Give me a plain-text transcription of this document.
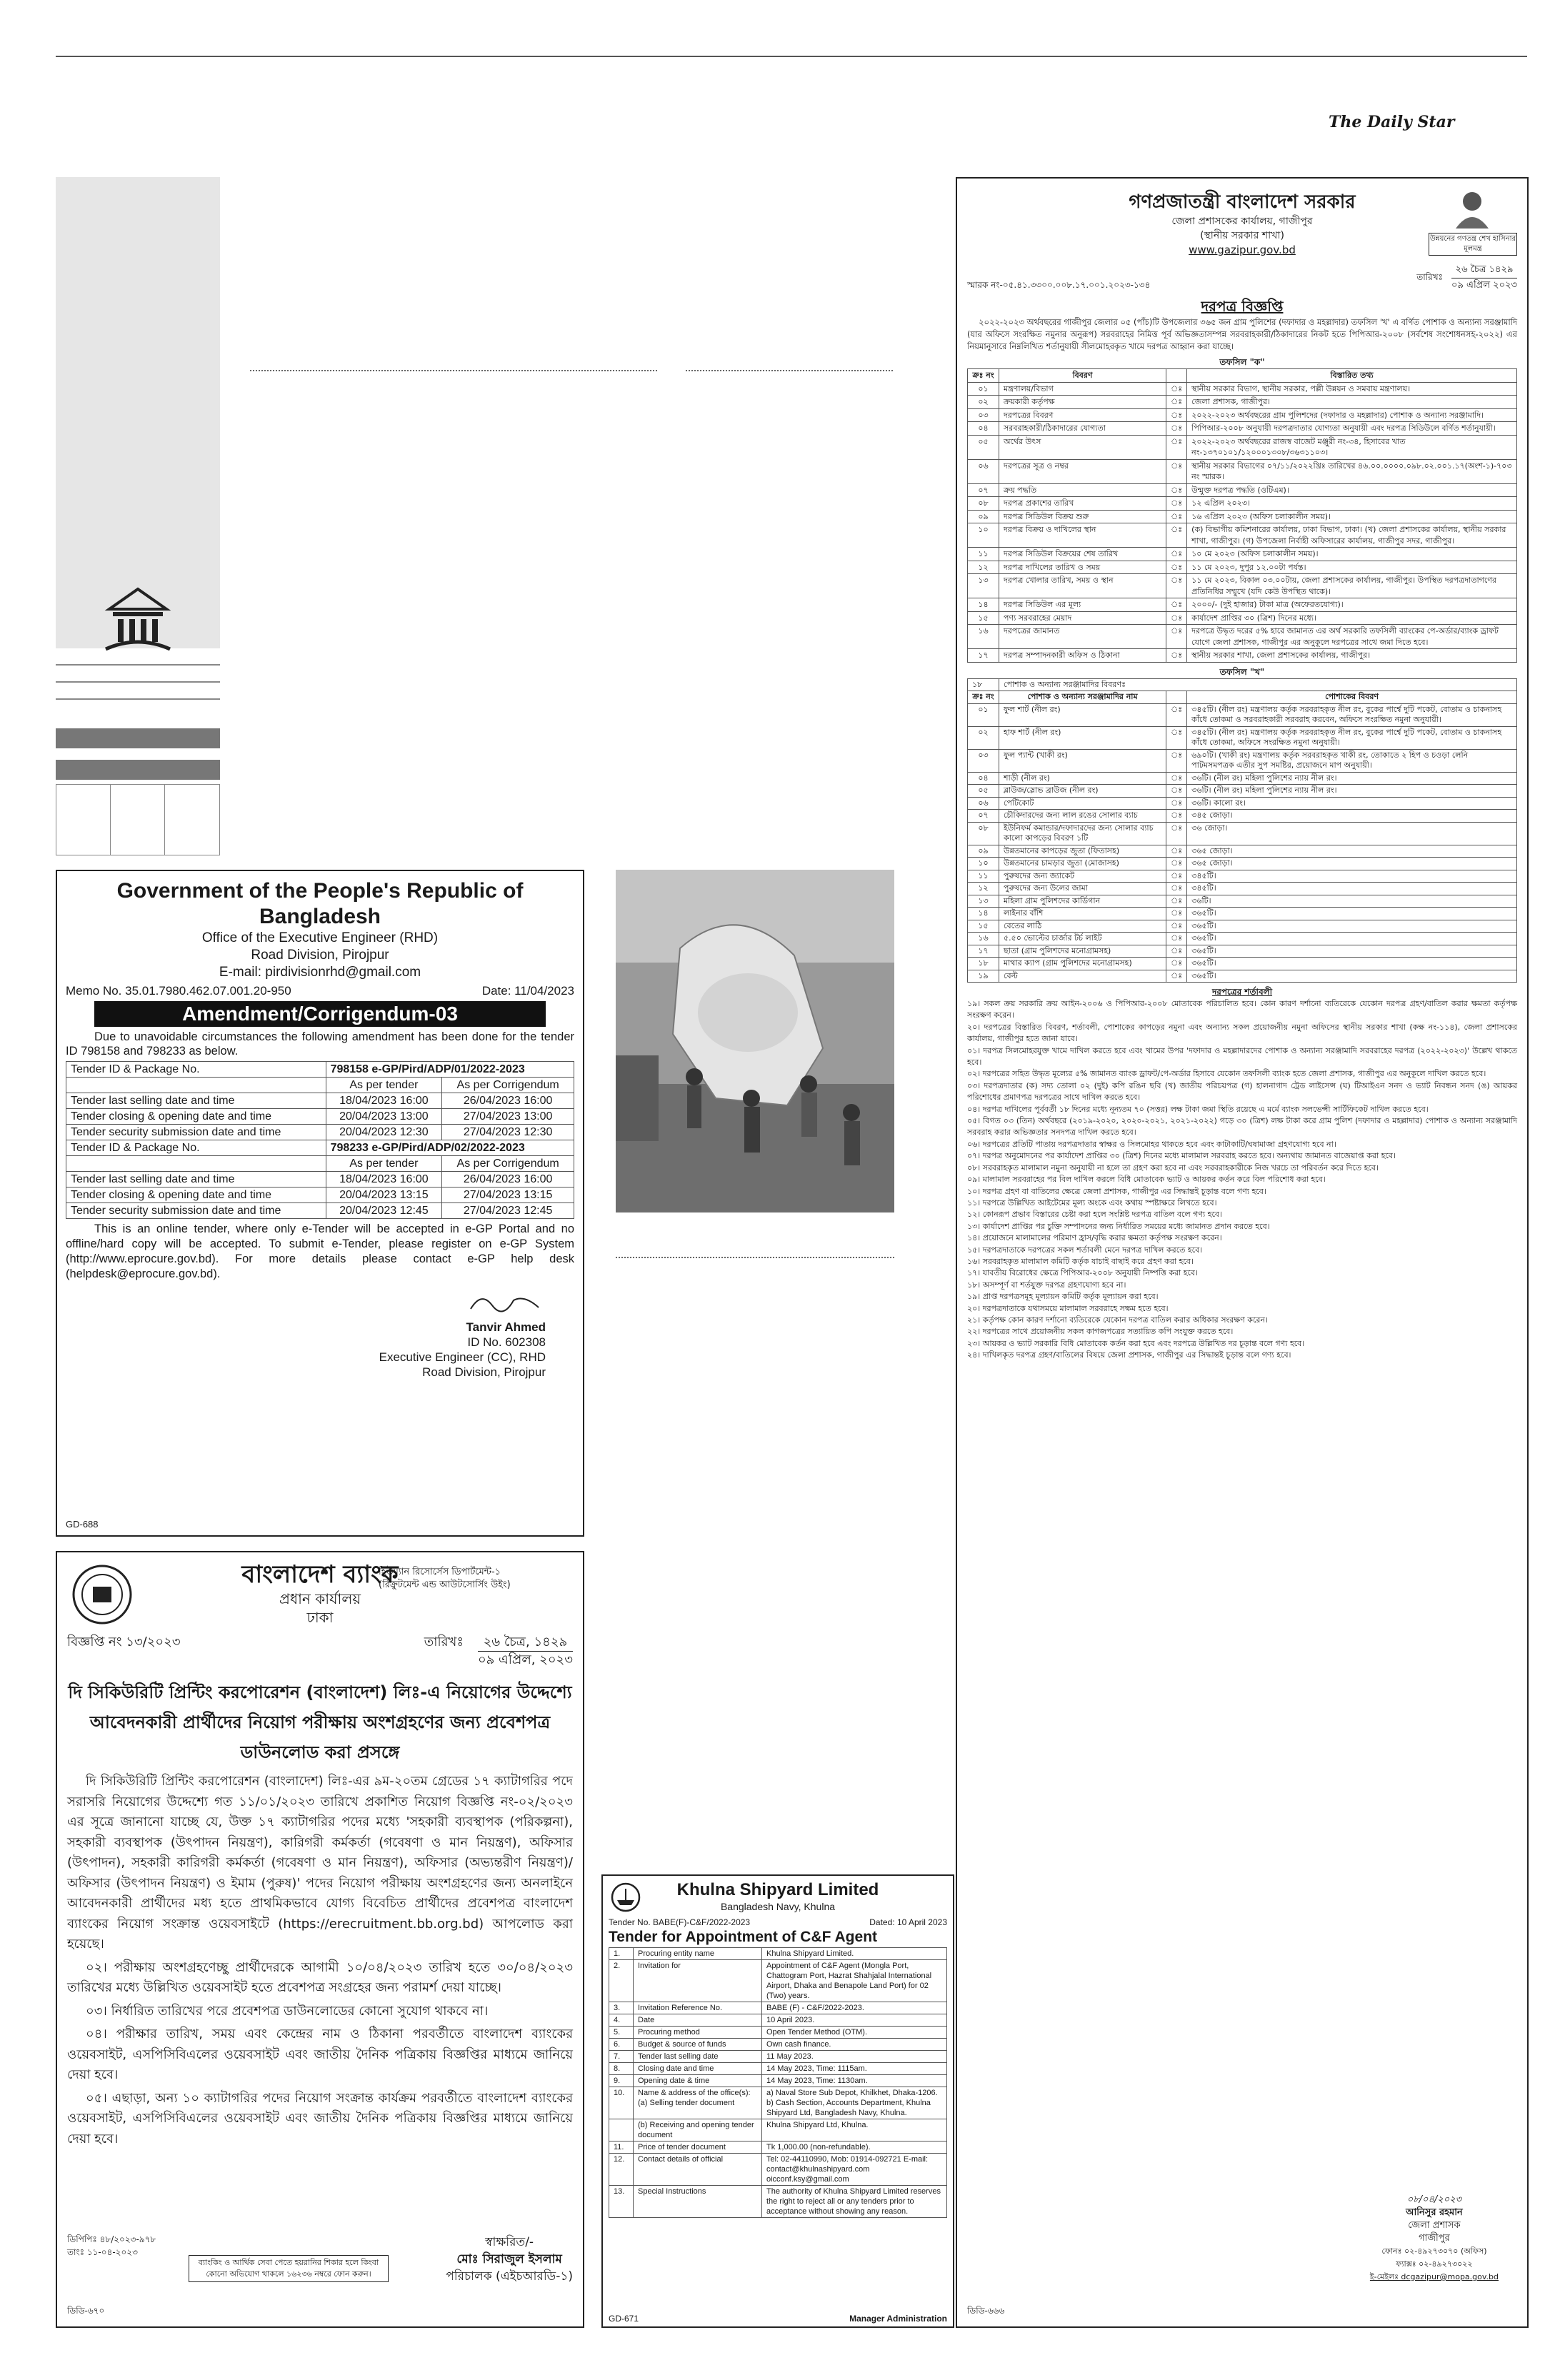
The Daily Star
Government of the People's Republic of Bangladesh
Office of the Executive Engineer (RHD)
Road Division, Pirojpur
E-mail: pirdivisionrhd@gmail.com
Memo No. 35.01.7980.462.07.001.20-950	Date: 11/04/2023
Amendment/Corrigendum-03
Due to unavoidable circumstances the following amendment has been done for the tender ID 798158 and 798233 as below.
Tender ID & Package No.	798158 e-GP/Pird/ADP/01/2022-2023	
	As per tender	As per Corrigendum
Tender last selling date and time	18/04/2023 16:00	26/04/2023 16:00
Tender closing & opening date and time	20/04/2023 13:00	27/04/2023 13:00
Tender security submission date and time	20/04/2023 12:30	27/04/2023 12:30
Tender ID & Package No.	798233 e-GP/Pird/ADP/02/2022-2023	
	As per tender	As per Corrigendum
Tender last selling date and time	18/04/2023 16:00	26/04/2023 16:00
Tender closing & opening date and time	20/04/2023 13:15	27/04/2023 13:15
Tender security submission date and time	20/04/2023 12:45	27/04/2023 12:45
This is an online tender, where only e-Tender will be accepted in e-GP Portal and no offline/hard copy will be accepted. To submit e-Tender, please register on e-GP System (http://www.eprocure.gov.bd). For more details please contact e-GP help desk (helpdesk@eprocure.gov.bd).
Tanvir Ahmed
ID No. 602308
Executive Engineer (CC), RHD
Road Division, Pirojpur
GD-688
বাংলাদেশ ব্যাংক
প্রধান কার্যালয়
ঢাকা
হিউম্যান রিসোর্সেস ডিপার্টমেন্ট-১
(রিক্রুটমেন্ট এন্ড আউটসোর্সিং উইং)
বিজ্ঞপ্তি নং ১৩/২০২৩	তারিখঃ	২৬ চৈত্র, ১৪২৯
০৯ এপ্রিল, ২০২৩
দি সিকিউরিটি প্রিন্টিং করপোরেশন (বাংলাদেশ) লিঃ-এ নিয়োগের উদ্দেশ্যে আবেদনকারী প্রার্থীদের নিয়োগ পরীক্ষায় অংশগ্রহণের জন্য প্রবেশপত্র ডাউনলোড করা প্রসঙ্গে
দি সিকিউরিটি প্রিন্টিং করপোরেশন (বাংলাদেশ) লিঃ-এর ৯ম-২০তম গ্রেডের ১৭ ক্যাটাগরির পদে সরাসরি নিয়োগের উদ্দেশ্যে গত ১১/০১/২০২৩ তারিখে প্রকাশিত নিয়োগ বিজ্ঞপ্তি নং-০২/২০২৩ এর সূত্রে জানানো যাচ্ছে যে, উক্ত ১৭ ক্যাটাগরির পদের মধ্যে 'সহকারী ব্যবস্থাপক (পরিকল্পনা), সহকারী ব্যবস্থাপক (উৎপাদন নিয়ন্ত্রণ), কারিগরী কর্মকর্তা (গবেষণা ও মান নিয়ন্ত্রণ), অফিসার (উৎপাদন), সহকারী কারিগরী কর্মকর্তা (গবেষণা ও মান নিয়ন্ত্রণ), অফিসার (অভ্যন্তরীণ নিয়ন্ত্রণ)/অফিসার (উৎপাদন নিয়ন্ত্রণ) ও ইমাম (পুরুষ)' পদের নিয়োগ পরীক্ষায় অংশগ্রহণের জন্য অনলাইনে আবেদনকারী প্রার্থীদের মধ্য হতে প্রাথমিকভাবে যোগ্য বিবেচিত প্রার্থীদের প্রবেশপত্র বাংলাদেশ ব্যাংকের নিয়োগ সংক্রান্ত ওয়েবসাইটে (https://erecruitment.bb.org.bd) আপলোড করা হয়েছে।
০২। পরীক্ষায় অংশগ্রহণেচ্ছু প্রার্থীদেরকে আগামী ১০/০৪/২০২৩ তারিখ হতে ৩০/০৪/২০২৩ তারিখের মধ্যে উল্লিখিত ওয়েবসাইট হতে প্রবেশপত্র সংগ্রহের জন্য পরামর্শ দেয়া যাচ্ছে।
০৩। নির্ধারিত তারিখের পরে প্রবেশপত্র ডাউনলোডের কোনো সুযোগ থাকবে না।
০৪। পরীক্ষার তারিখ, সময় এবং কেন্দ্রের নাম ও ঠিকানা পরবর্তীতে বাংলাদেশ ব্যাংকের ওয়েবসাইট, এসপিসিবিএলের ওয়েবসাইট এবং জাতীয় দৈনিক পত্রিকায় বিজ্ঞপ্তির মাধ্যমে জানিয়ে দেয়া হবে।
০৫। এছাড়া, অন্য ১০ ক্যাটাগরির পদের নিয়োগ সংক্রান্ত কার্যক্রম পরবর্তীতে বাংলাদেশ ব্যাংকের ওয়েবসাইট, এসপিসিবিএলের ওয়েবসাইট এবং জাতীয় দৈনিক পত্রিকায় বিজ্ঞপ্তির মাধ্যমে জানিয়ে দেয়া হবে।
ডিপিপিঃ ৪৮/২০২৩-৯৭৮
তাংঃ ১১-০৪-২০২৩
ব্যাংকিং ও আর্থিক সেবা পেতে হয়রানির শিকার হলে কিংবা কোনো অভিযোগ থাকলে ১৬২৩৬ নম্বরে ফোন করুন।
স্বাক্ষরিত/-
মোঃ সিরাজুল ইসলাম
পরিচালক (এইচআরডি-১)
ডিডি-৬৭০
Khulna Shipyard Limited
Bangladesh Navy, Khulna
Tender No. BABE(F)-C&F/2022-2023	Dated: 10 April 2023
Tender for Appointment of C&F Agent
1.	Procuring entity name	Khulna Shipyard Limited.
2.	Invitation for	Appointment of C&F Agent (Mongla Port, Chattogram Port, Hazrat Shahjalal International Airport, Dhaka and Benapole Land Port) for 02 (Two) years.
3.	Invitation Reference No.	BABE (F) - C&F/2022-2023.
4.	Date	10 April 2023.
5.	Procuring method	Open Tender Method (OTM).
6.	Budget & source of funds	Own cash finance.
7.	Tender last selling date	11 May 2023.
8.	Closing date and time	14 May 2023, Time: 1115am.
9.	Opening date & time	14 May 2023, Time: 1130am.
10.	Name & address of the office(s): (a) Selling tender document	a) Naval Store Sub Depot, Khilkhet, Dhaka-1206. b) Cash Section, Accounts Department, Khulna Shipyard Ltd, Bangladesh Navy, Khulna.
	(b) Receiving and opening tender document	Khulna Shipyard Ltd, Khulna.
11.	Price of tender document	Tk 1,000.00 (non-refundable).
12.	Contact details of official	Tel: 02-44110990, Mob: 01914-092721 E-mail: contact@khulnashipyard.com oicconf.ksy@gmail.com
13.	Special Instructions	The authority of Khulna Shipyard Limited reserves the right to reject all or any tenders prior to acceptance without showing any reason.
GD-671	Manager Administration
গণপ্রজাতন্ত্রী বাংলাদেশ সরকার
জেলা প্রশাসকের কার্যালয়, গাজীপুর
(স্থানীয় সরকার শাখা)
www.gazipur.gov.bd
উন্নয়নের গণতন্ত্র শেখ হাসিনার মূলমন্ত্র
স্মারক নং-০৫.৪১.৩৩০০.০০৮.১৭.০০১.২০২৩-১৩৪
তারিখঃ
২৬ চৈত্র ১৪২৯
০৯ এপ্রিল ২০২৩
দরপত্র বিজ্ঞপ্তি
২০২২-২০২৩ অর্থবছরের গাজীপুর জেলার ০৫ (পাঁচ)টি উপজেলার ৩৬৫ জন গ্রাম পুলিশের (দফাদার ও মহল্লাদার) তফসিল 'খ' এ বর্ণিত পোশাক ও অন্যান্য সরঞ্জামাদি (যার অফিসে সংরক্ষিত নমুনার অনুরূপ) সরবরাহের নিমিত্ত পূর্ব অভিজ্ঞতাসম্পন্ন সরবরাহকারী/ঠিকাদারের নিকট হতে পিপিআর-২০০৮ (সর্বশেষ সংশোধনসহ-২০২২) এর নিয়মানুসারে নিম্নলিখিত শর্তানুযায়ী সীলমোহরকৃত খামে দরপত্র আহ্বান করা যাচ্ছে।
তফসিল "ক"
ক্রঃ নং	বিবরণ		বিস্তারিত তথ্য
০১	মন্ত্রণালয়/বিভাগ	ঃ	স্থানীয় সরকার বিভাগ, স্থানীয় সরকার, পল্লী উন্নয়ন ও সমবায় মন্ত্রণালয়।
০২	ক্রয়কারী কর্তৃপক্ষ	ঃ	জেলা প্রশাসক, গাজীপুর।
০৩	দরপত্রের বিবরণ	ঃ	২০২২-২০২৩ অর্থবছরের গ্রাম পুলিশদের (দফাদার ও মহল্লাদার) পোশাক ও অন্যান্য সরঞ্জামাদি।
০৪	সরবরাহকারী/ঠিকাদারের যোগ্যতা	ঃ	পিপিআর-২০০৮ অনুযায়ী দরপত্রদাতার যোগ্যতা অনুযায়ী এবং দরপত্র সিডিউলে বর্ণিত শর্তানুযায়ী।
০৫	অর্থের উৎস	ঃ	২০২২-২০২৩ অর্থবছরের রাজস্ব বাজেট মঞ্জুরী নং-৩৪, হিসাবের খাত নং-১৩৭০১০১/১২০০০১৩০৮/৩৬৩১১০৩।
০৬	দরপত্রের সূত্র ও নম্বর	ঃ	স্থানীয় সরকার বিভাগের ০৭/১১/২০২২খ্রিঃ তারিখের ৪৬.০০.০০০০.০৯৮.০২.০০১.১৭(অংশ-১)-৭০৩ নং স্মারক।
০৭	ক্রয় পদ্ধতি	ঃ	উন্মুক্ত দরপত্র পদ্ধতি (ওটিএম)।
০৮	দরপত্র প্রকাশের তারিখ	ঃ	১২ এপ্রিল ২০২৩।
০৯	দরপত্র সিডিউল বিক্রয় শুরু	ঃ	১৬ এপ্রিল ২০২৩ (অফিস চলাকালীন সময়)।
১০	দরপত্র বিক্রয় ও দাখিলের স্থান	ঃ	(ক) বিভাগীয় কমিশনারের কার্যালয়, ঢাকা বিভাগ, ঢাকা। (খ) জেলা প্রশাসকের কার্যালয়, স্থানীয় সরকার শাখা, গাজীপুর। (গ) উপজেলা নির্বাহী অফিসারের কার্যালয়, গাজীপুর সদর, গাজীপুর।
১১	দরপত্র সিডিউল বিক্রয়ের শেষ তারিখ	ঃ	১০ মে ২০২৩ (অফিস চলাকালীন সময়)।
১২	দরপত্র দাখিলের তারিখ ও সময়	ঃ	১১ মে ২০২৩, দুপুর ১২.০০টা পর্যন্ত।
১৩	দরপত্র খোলার তারিখ, সময় ও স্থান	ঃ	১১ মে ২০২৩, বিকাল ০৩.০০টায়, জেলা প্রশাসকের কার্যালয়, গাজীপুর। উপস্থিত দরপত্রদাতাগণের প্রতিনিধির সম্মুখে (যদি কেউ উপস্থিত থাকে)।
১৪	দরপত্র সিডিউল এর মূল্য	ঃ	২০০০/- (দুই হাজার) টাকা মাত্র (অফেরতযোগ্য)।
১৫	পণ্য সরবরাহের মেয়াদ	ঃ	কার্যাদেশ প্রাপ্তির ৩০ (ত্রিশ) দিনের মধ্যে।
১৬	দরপত্রের জামানত	ঃ	দরপত্রে উদ্ধৃত দরের ৫% হারে জামানত এর অর্থ সরকারি তফসিলী ব্যাংকের পে-অর্ডার/ব্যাংক ড্রাফট যোগে জেলা প্রশাসক, গাজীপুর এর অনুকূলে দরপত্রের সাথে জমা দিতে হবে।
১৭	দরপত্র সম্পাদনকারী অফিস ও ঠিকানা	ঃ	স্থানীয় সরকার শাখা, জেলা প্রশাসকের কার্যালয়, গাজীপুর।
তফসিল "খ"
১৮	পোশাক ও অন্যান্য সরঞ্জামাদির বিবরণঃ		
ক্রঃ নং	পোশাক ও অন্যান্য সরঞ্জামাদির নাম		পোশাকের বিবরণ
০১	ফুল শার্ট (নীল রং)	ঃ	৩৪৫টি। (নীল রং) মন্ত্রণালয় কর্তৃক সরবরাহকৃত নীল রং, বুকের পার্শ্বে দুটি পকেট, বোতাম ও চাকনাসহ কাঁধে তোকমা ও সরবরাহকারী সরবরাহ করবেন, অফিসে সংরক্ষিত নমুনা অনুযায়ী।
০২	হাফ শার্ট (নীল রং)	ঃ	৩৪৫টি। (নীল রং) মন্ত্রণালয় কর্তৃক সরবরাহকৃত নীল রং, বুকের পার্শ্বে দুটি পকেট, বোতাম ও চাকনাসহ কাঁধে তোকমা, অফিসে সংরক্ষিত নমুনা অনুযায়ী।
০৩	ফুল প্যান্ট (খাকী রং)	ঃ	৬৯০টি। (খাকী রং) মন্ত্রণালয় কর্তৃক সরবরাহকৃত খাকী রং, তোকাতে ২ হিপ ও চওড়া লেনি পাটমসমপত্রক এতীর সুপ সমষ্টির, প্রয়োজনে মাপ অনুযায়ী।
০৪	শাড়ী (নীল রং)	ঃ	৩৬টি। (নীল রং) মহিলা পুলিশের ন্যায় নীল রং।
০৫	ব্লাউজ/স্লোভ ব্রাউজ (নীল রং)	ঃ	৩৬টি। (নীল রং) মহিলা পুলিশের ন্যায় নীল রং।
০৬	পেটিকোট	ঃ	৩৬টি। কালো রং।
০৭	চৌকিদারদের জন্য লাল রঙের সোলার ব্যাচ	ঃ	৩৪৫ জোড়া।
০৮	ইউনিফর্ম কমান্ডার/দফাদারদের জন্য সোলার ব্যাচ কালো কাপড়ের বিবরণ ১টি	ঃ	৩৬ জোড়া।
০৯	উন্নতমানের কাপড়ের জুতা (ফিতাসহ)	ঃ	৩৬৫ জোড়া।
১০	উন্নতমানের চামড়ার জুতা (মোজাসহ)	ঃ	৩৬৫ জোড়া।
১১	পুরুষদের জন্য জ্যাকেট	ঃ	৩৪৫টি।
১২	পুরুষদের জন্য উলের জামা	ঃ	৩৪৫টি।
১৩	মহিলা গ্রাম পুলিশদের কার্ডিগান	ঃ	৩৬টি।
১৪	লাইনার বাঁশি	ঃ	৩৬৫টি।
১৫	বেতের লাঠি	ঃ	৩৬৫টি।
১৬	৫.৫০ ভোল্টের চার্জার টর্চ লাইট	ঃ	৩৬৫টি।
১৭	ছাতা (গ্রাম পুলিশদের মনোগ্রামসহ)	ঃ	৩৬৫টি।
১৮	মাথার ক্যাপ (গ্রাম পুলিশদের মনোগ্রামসহ)	ঃ	৩৬৫টি।
১৯	বেল্ট	ঃ	৩৬৫টি।
দরপত্রের শর্তাবলী
১৯। সকল ক্রয় সরকারি ক্রয় আইন-২০০৬ ও পিপিআর-২০০৮ মোতাবেক পরিচালিত হবে। কোন কারণ দর্শানো ব্যতিরেকে যেকোন দরপত্র গ্রহণ/বাতিল করার ক্ষমতা কর্তৃপক্ষ সংরক্ষণ করেন।
২০। দরপত্রের বিস্তারিত বিবরণ, শর্তাবলী, পোশাকের কাপড়ের নমুনা এবং অন্যান্য সকল প্রয়োজনীয় নমুনা অফিসের স্থানীয় সরকার শাখা (কক্ষ নং-১১৪), জেলা প্রশাসকের কার্যালয়, গাজীপুর হতে জানা যাবে।
০১। দরপত্র সিলমোহরযুক্ত খামে দাখিল করতে হবে এবং খামের উপর 'দফাদার ও মহল্লাদারদের পোশাক ও অন্যান্য সরঞ্জামাদি সরবরাহের দরপত্র (২০২২-২০২৩)' উল্লেখ থাকতে হবে।
০২। দরপত্রের সহিত উদ্ধৃত মূল্যের ৫% জামানত ব্যাংক ড্রাফট/পে-অর্ডার হিসাবে যেকোন তফসিলী ব্যাংক হতে জেলা প্রশাসক, গাজীপুর এর অনুকূলে দাখিল করতে হবে।
০৩। দরপত্রদাতার (ক) সদ্য তোলা ০২ (দুই) কপি রঙিন ছবি (খ) জাতীয় পরিচয়পত্র (গ) হালনাগাদ ট্রেড লাইসেন্স (ঘ) টিআইএন সনদ ও ভ্যাট নিবন্ধন সনদ (ঙ) আয়কর পরিশোধের প্রমাণপত্র দরপত্রের সাথে দাখিল করতে হবে।
০৪। দরপত্র দাখিলের পূর্ববর্তী ১৮ দিনের মধ্যে নূন্যতম ৭০ (সত্তর) লক্ষ টাকা জমা স্থিতি রয়েছে এ মর্মে ব্যাংক সলভেন্সী সার্টিফিকেট দাখিল করতে হবে।
০৫। বিগত ০৩ (তিন) অর্থবছরে (২০১৯-২০২০, ২০২০-২০২১, ২০২১-২০২২) গড়ে ৩০ (ত্রিশ) লক্ষ টাকা করে গ্রাম পুলিশ (দফাদার ও মহল্লাদার) পোশাক ও অন্যান্য সরঞ্জামাদি সরবরাহ করার অভিজ্ঞতার সনদপত্র দাখিল করতে হবে।
০৬। দরপত্রের প্রতিটি পাতায় দরপত্রদাতার স্বাক্ষর ও সিলমোহর থাকতে হবে এবং কাটাকাটি/ঘষামাজা গ্রহণযোগ্য হবে না।
০৭। দরপত্র অনুমোদনের পর কার্যাদেশ প্রাপ্তির ৩০ (ত্রিশ) দিনের মধ্যে মালামাল সরবরাহ করতে হবে। অন্যথায় জামানত বাজেয়াপ্ত করা হবে।
০৮। সরবরাহকৃত মালামাল নমুনা অনুযায়ী না হলে তা গ্রহণ করা হবে না এবং সরবরাহকারীকে নিজ খরচে তা পরিবর্তন করে দিতে হবে।
০৯। মালামাল সরবরাহের পর বিল দাখিল করলে বিধি মোতাবেক ভ্যাট ও আয়কর কর্তন করে বিল পরিশোধ করা হবে।
১০। দরপত্র গ্রহণ বা বাতিলের ক্ষেত্রে জেলা প্রশাসক, গাজীপুর এর সিদ্ধান্তই চূড়ান্ত বলে গণ্য হবে।
১১। দরপত্রে উল্লিখিত আইটেমের মূল্য অংকে এবং কথায় স্পষ্টাক্ষরে লিখতে হবে।
১২। কোনরূপ প্রভাব বিস্তারের চেষ্টা করা হলে সংশ্লিষ্ট দরপত্র বাতিল বলে গণ্য হবে।
১৩। কার্যাদেশ প্রাপ্তির পর চুক্তি সম্পাদনের জন্য নির্ধারিত সময়ের মধ্যে জামানত প্রদান করতে হবে।
১৪। প্রয়োজনে মালামালের পরিমাণ হ্রাস/বৃদ্ধি করার ক্ষমতা কর্তৃপক্ষ সংরক্ষণ করেন।
১৫। দরপত্রদাতাকে দরপত্রের সকল শর্তাবলী মেনে দরপত্র দাখিল করতে হবে।
১৬। সরবরাহকৃত মালামাল কমিটি কর্তৃক যাচাই বাছাই করে গ্রহণ করা হবে।
১৭। যাবতীয় বিরোধের ক্ষেত্রে পিপিআর-২০০৮ অনুযায়ী নিষ্পত্তি করা হবে।
১৮। অসম্পূর্ণ বা শর্তযুক্ত দরপত্র গ্রহণযোগ্য হবে না।
১৯। প্রাপ্ত দরপত্রসমূহ মূল্যায়ন কমিটি কর্তৃক মূল্যায়ন করা হবে।
২০। দরপত্রদাতাকে যথাসময়ে মালামাল সরবরাহে সক্ষম হতে হবে।
২১। কর্তৃপক্ষ কোন কারণ দর্শানো ব্যতিরেকে যেকোন দরপত্র বাতিল করার অধিকার সংরক্ষণ করেন।
২২। দরপত্রের সাথে প্রয়োজনীয় সকল কাগজপত্রের সত্যায়িত কপি সংযুক্ত করতে হবে।
২৩। আয়কর ও ভ্যাট সরকারি বিধি মোতাবেক কর্তন করা হবে এবং দরপত্রে উল্লিখিত দর চূড়ান্ত বলে গণ্য হবে।
২৪। দাখিলকৃত দরপত্র গ্রহণ/বাতিলের বিষয়ে জেলা প্রশাসক, গাজীপুর এর সিদ্ধান্তই চূড়ান্ত বলে গণ্য হবে।
০৮/০৪/২০২৩
আনিসুর রহমান
জেলা প্রশাসক
গাজীপুর
ফোনঃ ০২-৪৯২৭৩০৭০ (অফিস)
ফ্যাক্সঃ ০২-৪৯২৭৩০২২
ই-মেইলঃ dcgazipur@mopa.gov.bd
ডিডি-৬৬৬
